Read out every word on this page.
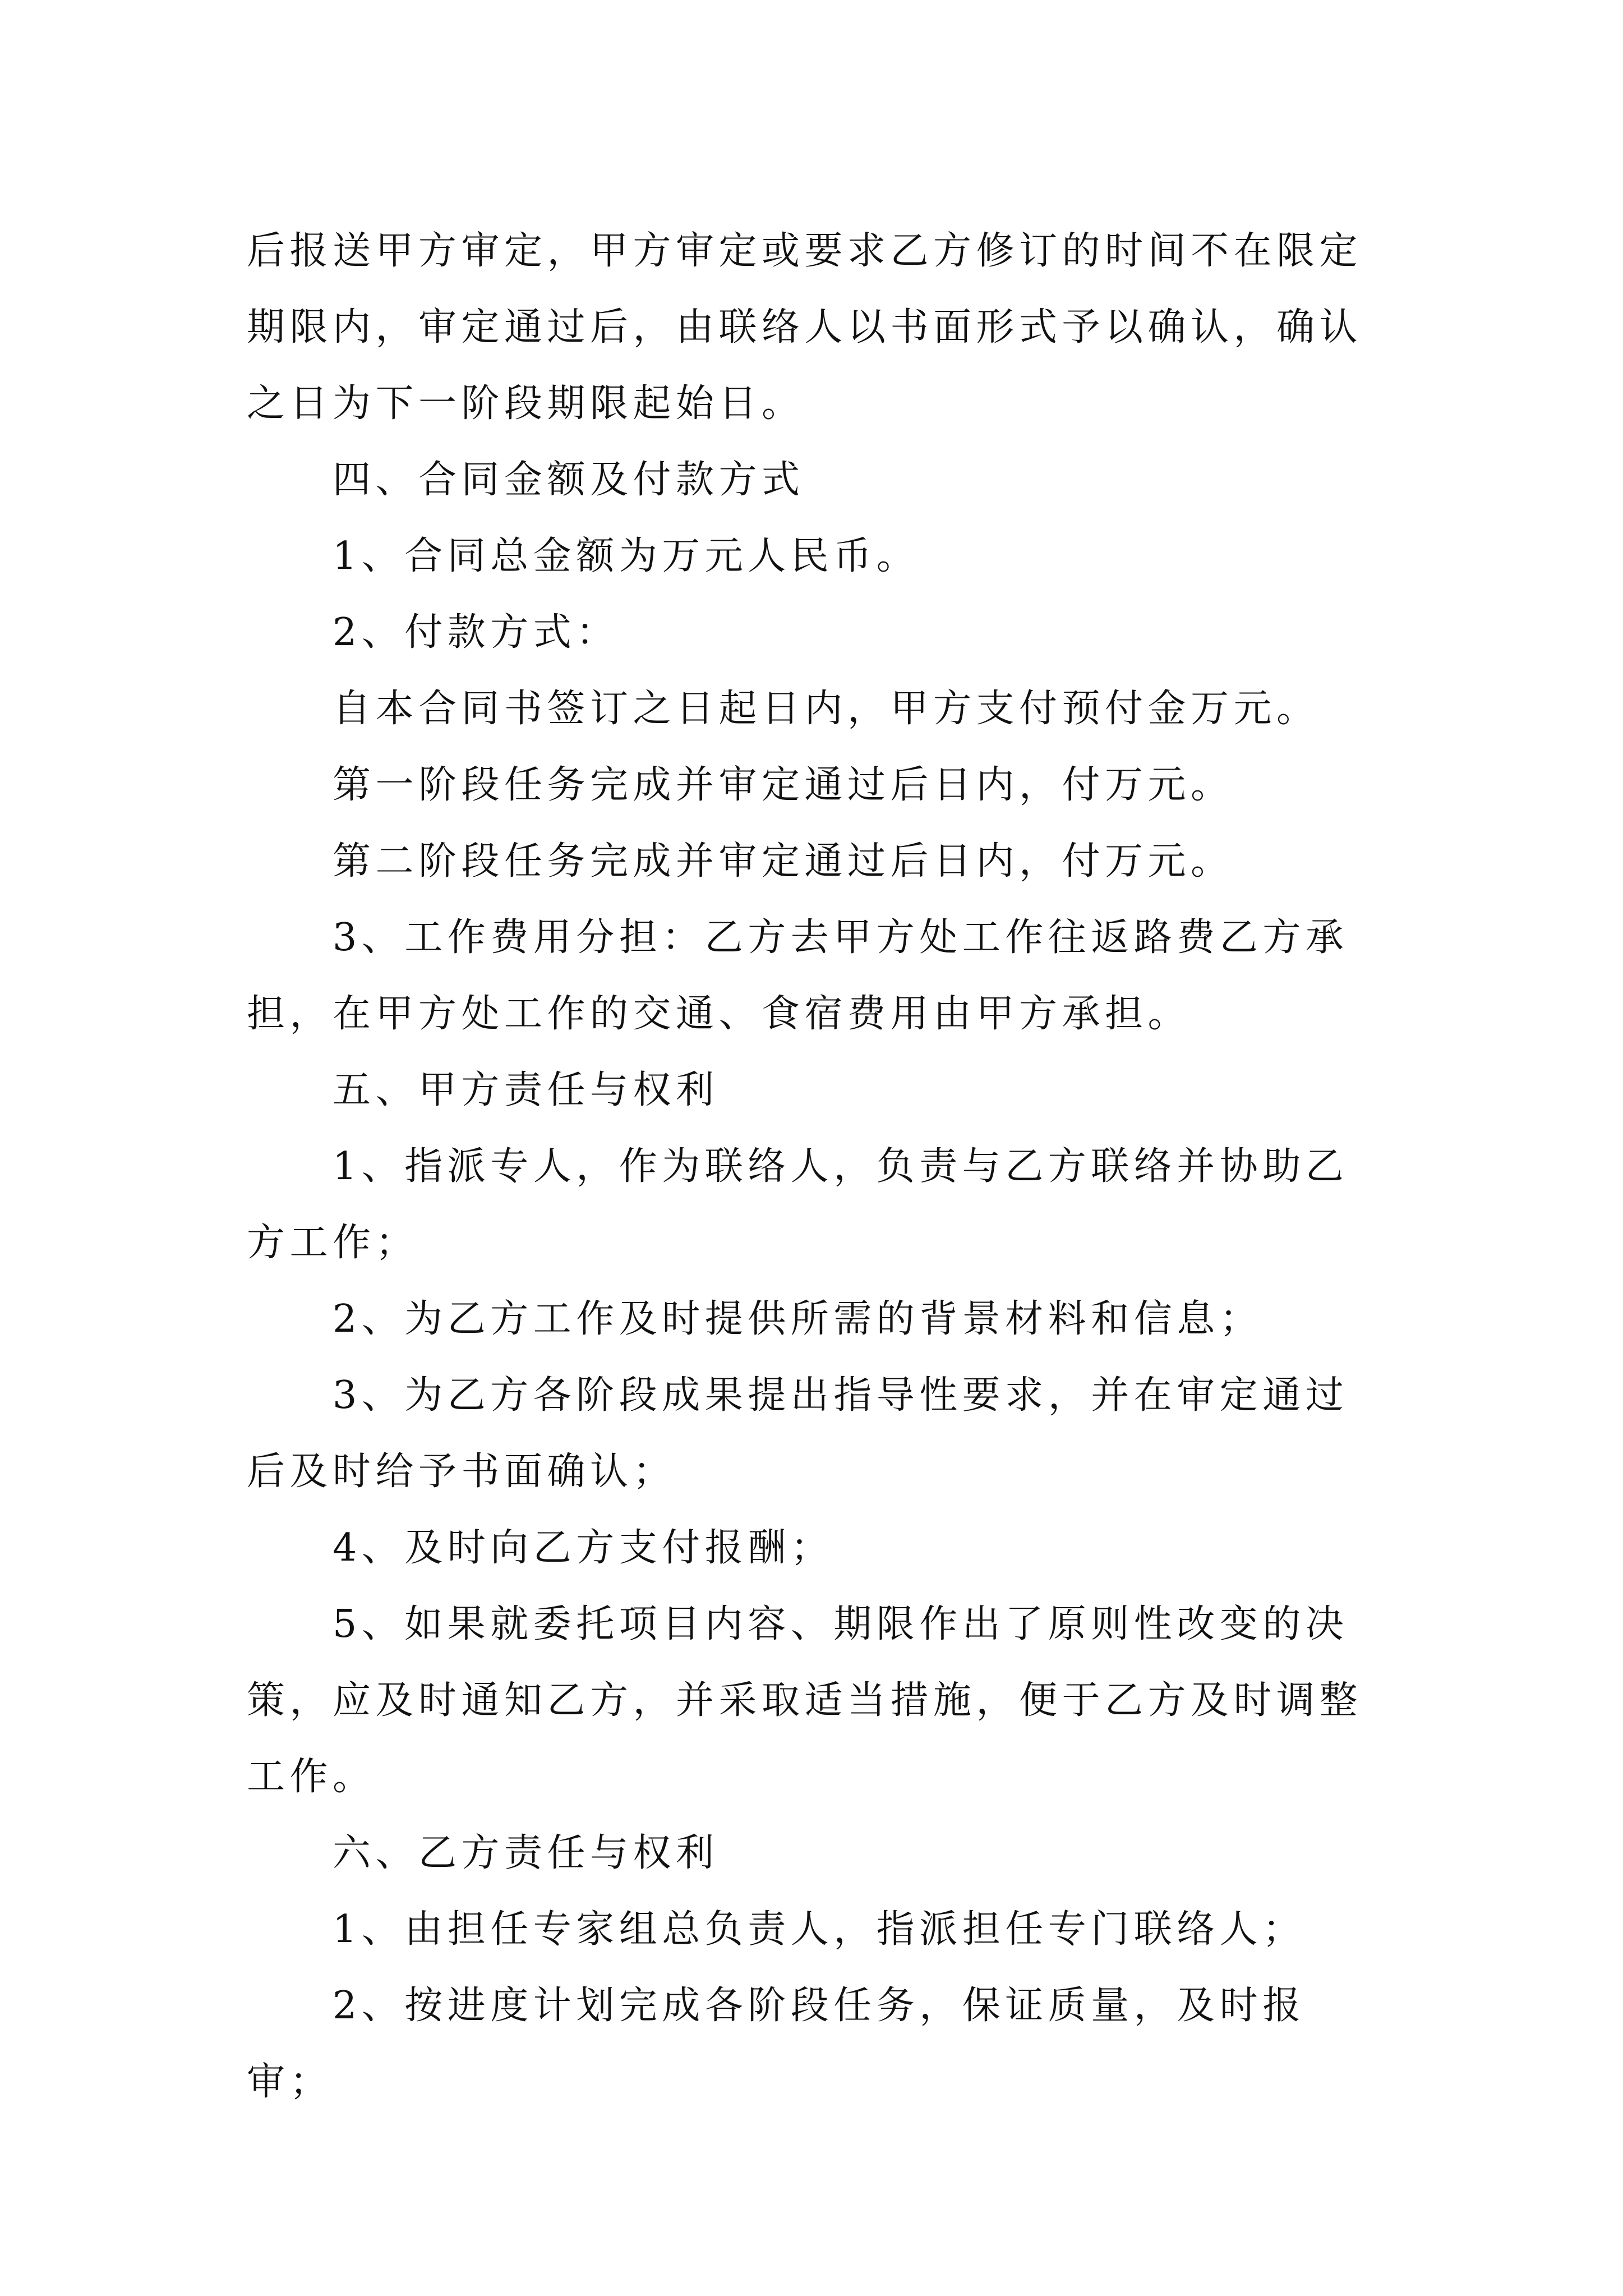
后报送甲方审定，甲方审定或要求乙方修订的时间不在限定期限内，审定通过后，由联络人以书面形式予以确认，确认之日为下一阶段期限起始日。

四、合同金额及付款方式

1、合同总金额为万元人民币。

2、付款方式：

自本合同书签订之日起日内，甲方支付预付金万元。

第一阶段任务完成并审定通过后日内，付万元。

第二阶段任务完成并审定通过后日内，付万元。

3、工作费用分担：乙方去甲方处工作往返路费乙方承担，在甲方处工作的交通、食宿费用由甲方承担。

五、甲方责任与权利

1、指派专人，作为联络人，负责与乙方联络并协助乙方工作；

2、为乙方工作及时提供所需的背景材料和信息；

3、为乙方各阶段成果提出指导性要求，并在审定通过后及时给予书面确认；

4、及时向乙方支付报酬；

5、如果就委托项目内容、期限作出了原则性改变的决策，应及时通知乙方，并采取适当措施，便于乙方及时调整工作。

六、乙方责任与权利

1、由担任专家组总负责人，指派担任专门联络人；

2、按进度计划完成各阶段任务，保证质量，及时报审；
